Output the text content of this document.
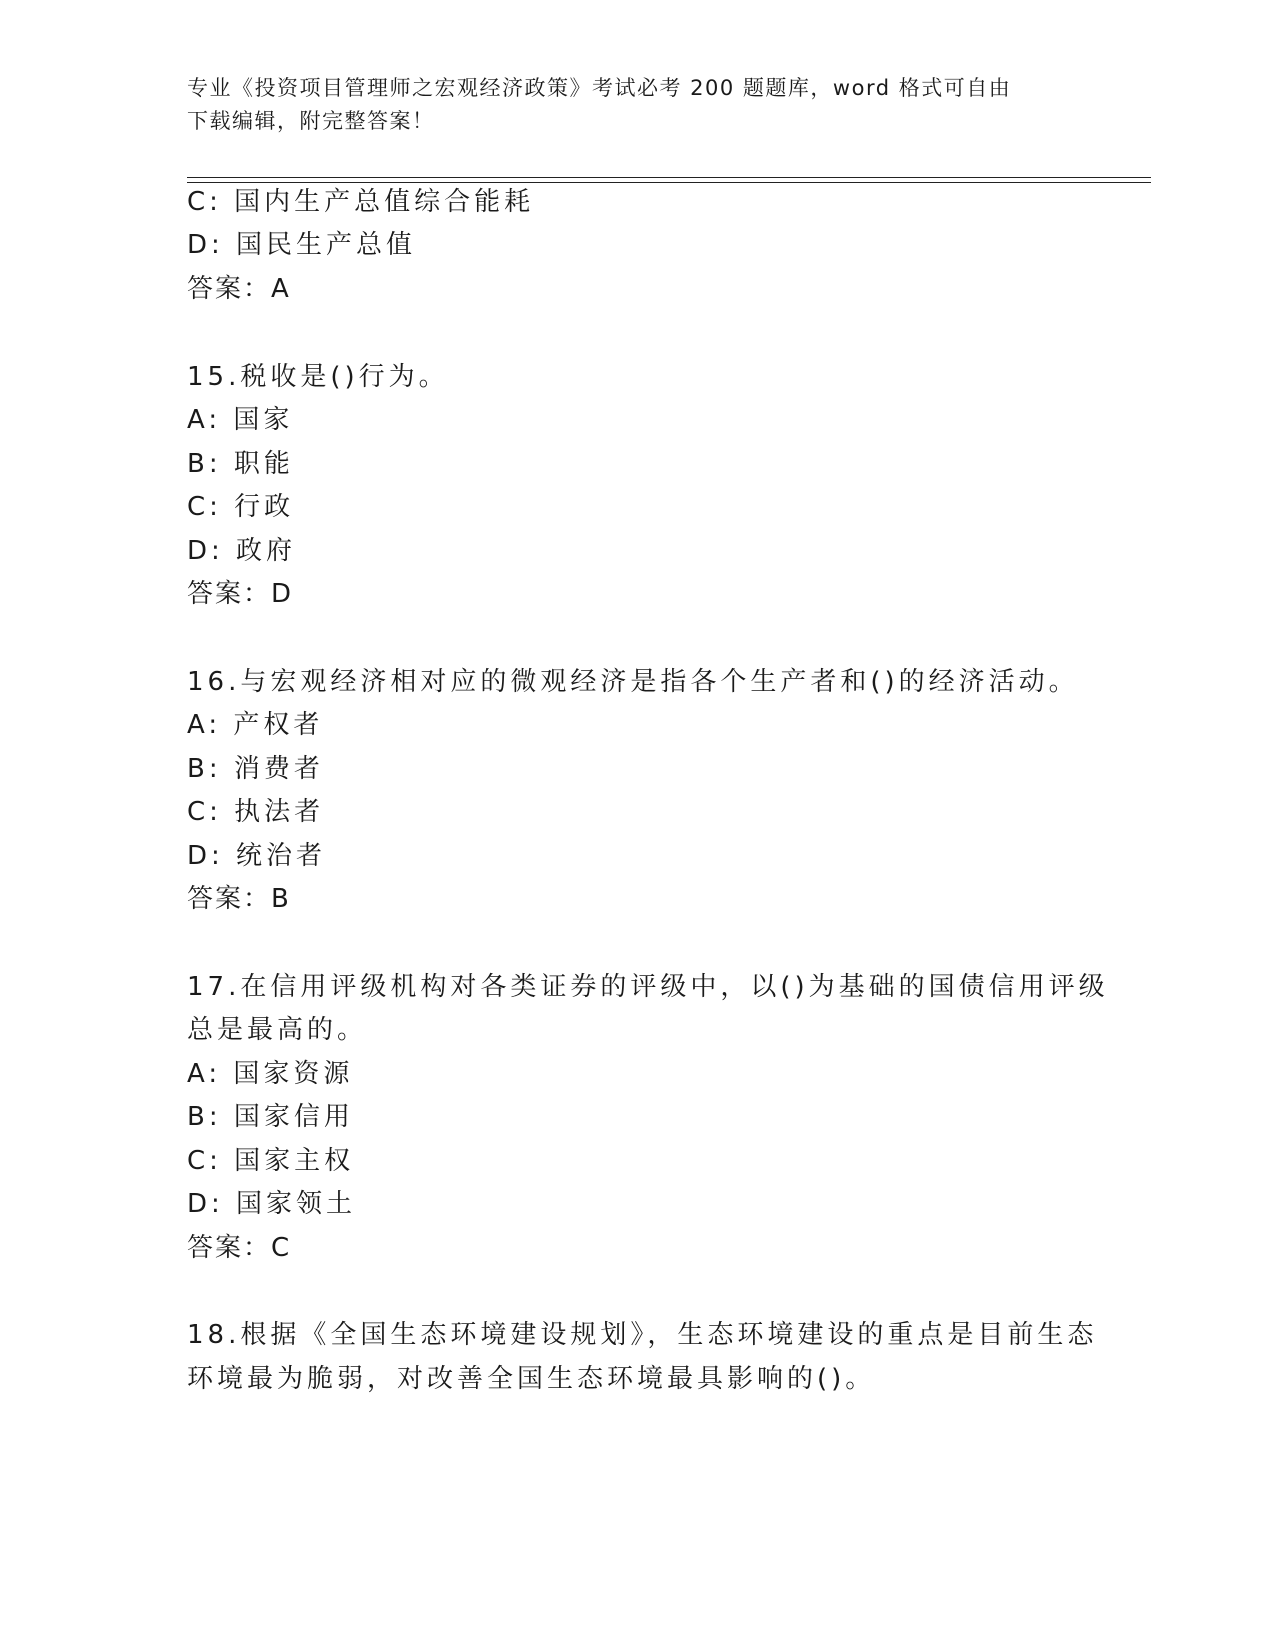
专业《投资项目管理师之宏观经济政策》考试必考 200 题题库，word 格式可自由
下载编辑，附完整答案！
C: 国内生产总值综合能耗
D: 国民生产总值
答案：A
15.税收是()行为。
A: 国家
B: 职能
C: 行政
D: 政府
答案：D
16.与宏观经济相对应的微观经济是指各个生产者和()的经济活动。
A: 产权者
B: 消费者
C: 执法者
D: 统治者
答案：B
17.在信用评级机构对各类证券的评级中，以()为基础的国债信用评级
总是最高的。
A: 国家资源
B: 国家信用
C: 国家主权
D: 国家领土
答案：C
18.根据《全国生态环境建设规划》，生态环境建设的重点是目前生态
环境最为脆弱，对改善全国生态环境最具影响的()。
